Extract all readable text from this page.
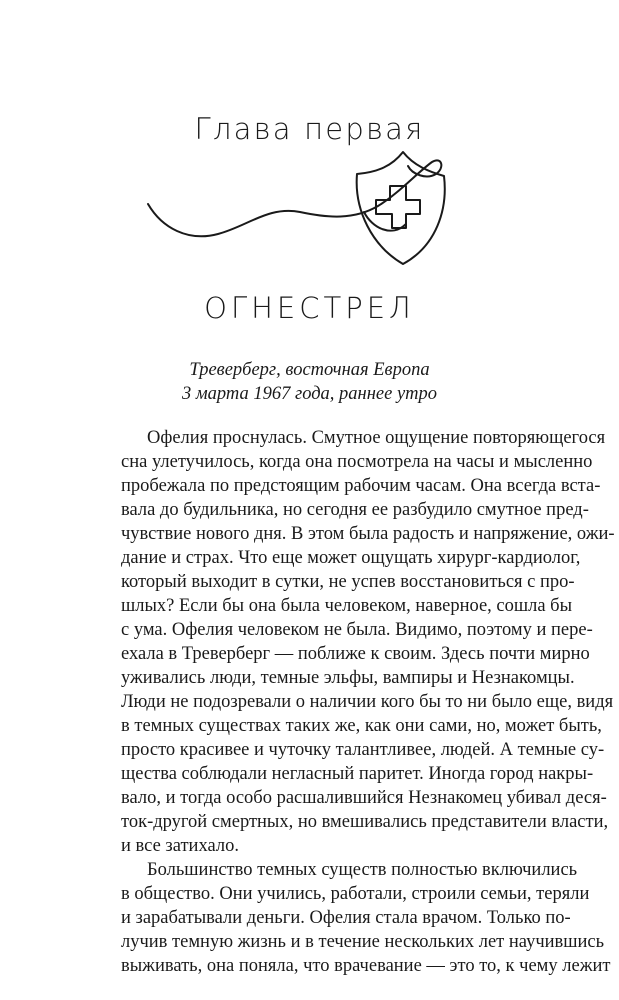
Глава первая
ОГНЕСТРЕЛ
Треверберг, восточная Европа
3 марта 1967 года, раннее утро
Офелия проснулась. Смутное ощущение повторяющегося
сна улетучилось, когда она посмотрела на часы и мысленно
пробежала по предстоящим рабочим часам. Она всегда вста-
вала до будильника, но сегодня ее разбудило смутное пред-
чувствие нового дня. В этом была радость и напряжение, ожи-
дание и страх. Что еще может ощущать хирург-кардиолог,
который выходит в сутки, не успев восстановиться с про-
шлых? Если бы она была человеком, наверное, сошла бы
с ума. Офелия человеком не была. Видимо, поэтому и пере-
ехала в Треверберг — поближе к своим. Здесь почти мирно
уживались люди, темные эльфы, вампиры и Незнакомцы.
Люди не подозревали о наличии кого бы то ни было еще, видя
в темных существах таких же, как они сами, но, может быть,
просто красивее и чуточку талантливее, людей. А темные су-
щества соблюдали негласный паритет. Иногда город накры-
вало, и тогда особо расшалившийся Незнакомец убивал деся-
ток-другой смертных, но вмешивались представители власти,
и все затихало.
Большинство темных существ полностью включились
в общество. Они учились, работали, строили семьи, теряли
и зарабатывали деньги. Офелия стала врачом. Только по-
лучив темную жизнь и в течение нескольких лет научившись
выживать, она поняла, что врачевание — это то, к чему лежит
